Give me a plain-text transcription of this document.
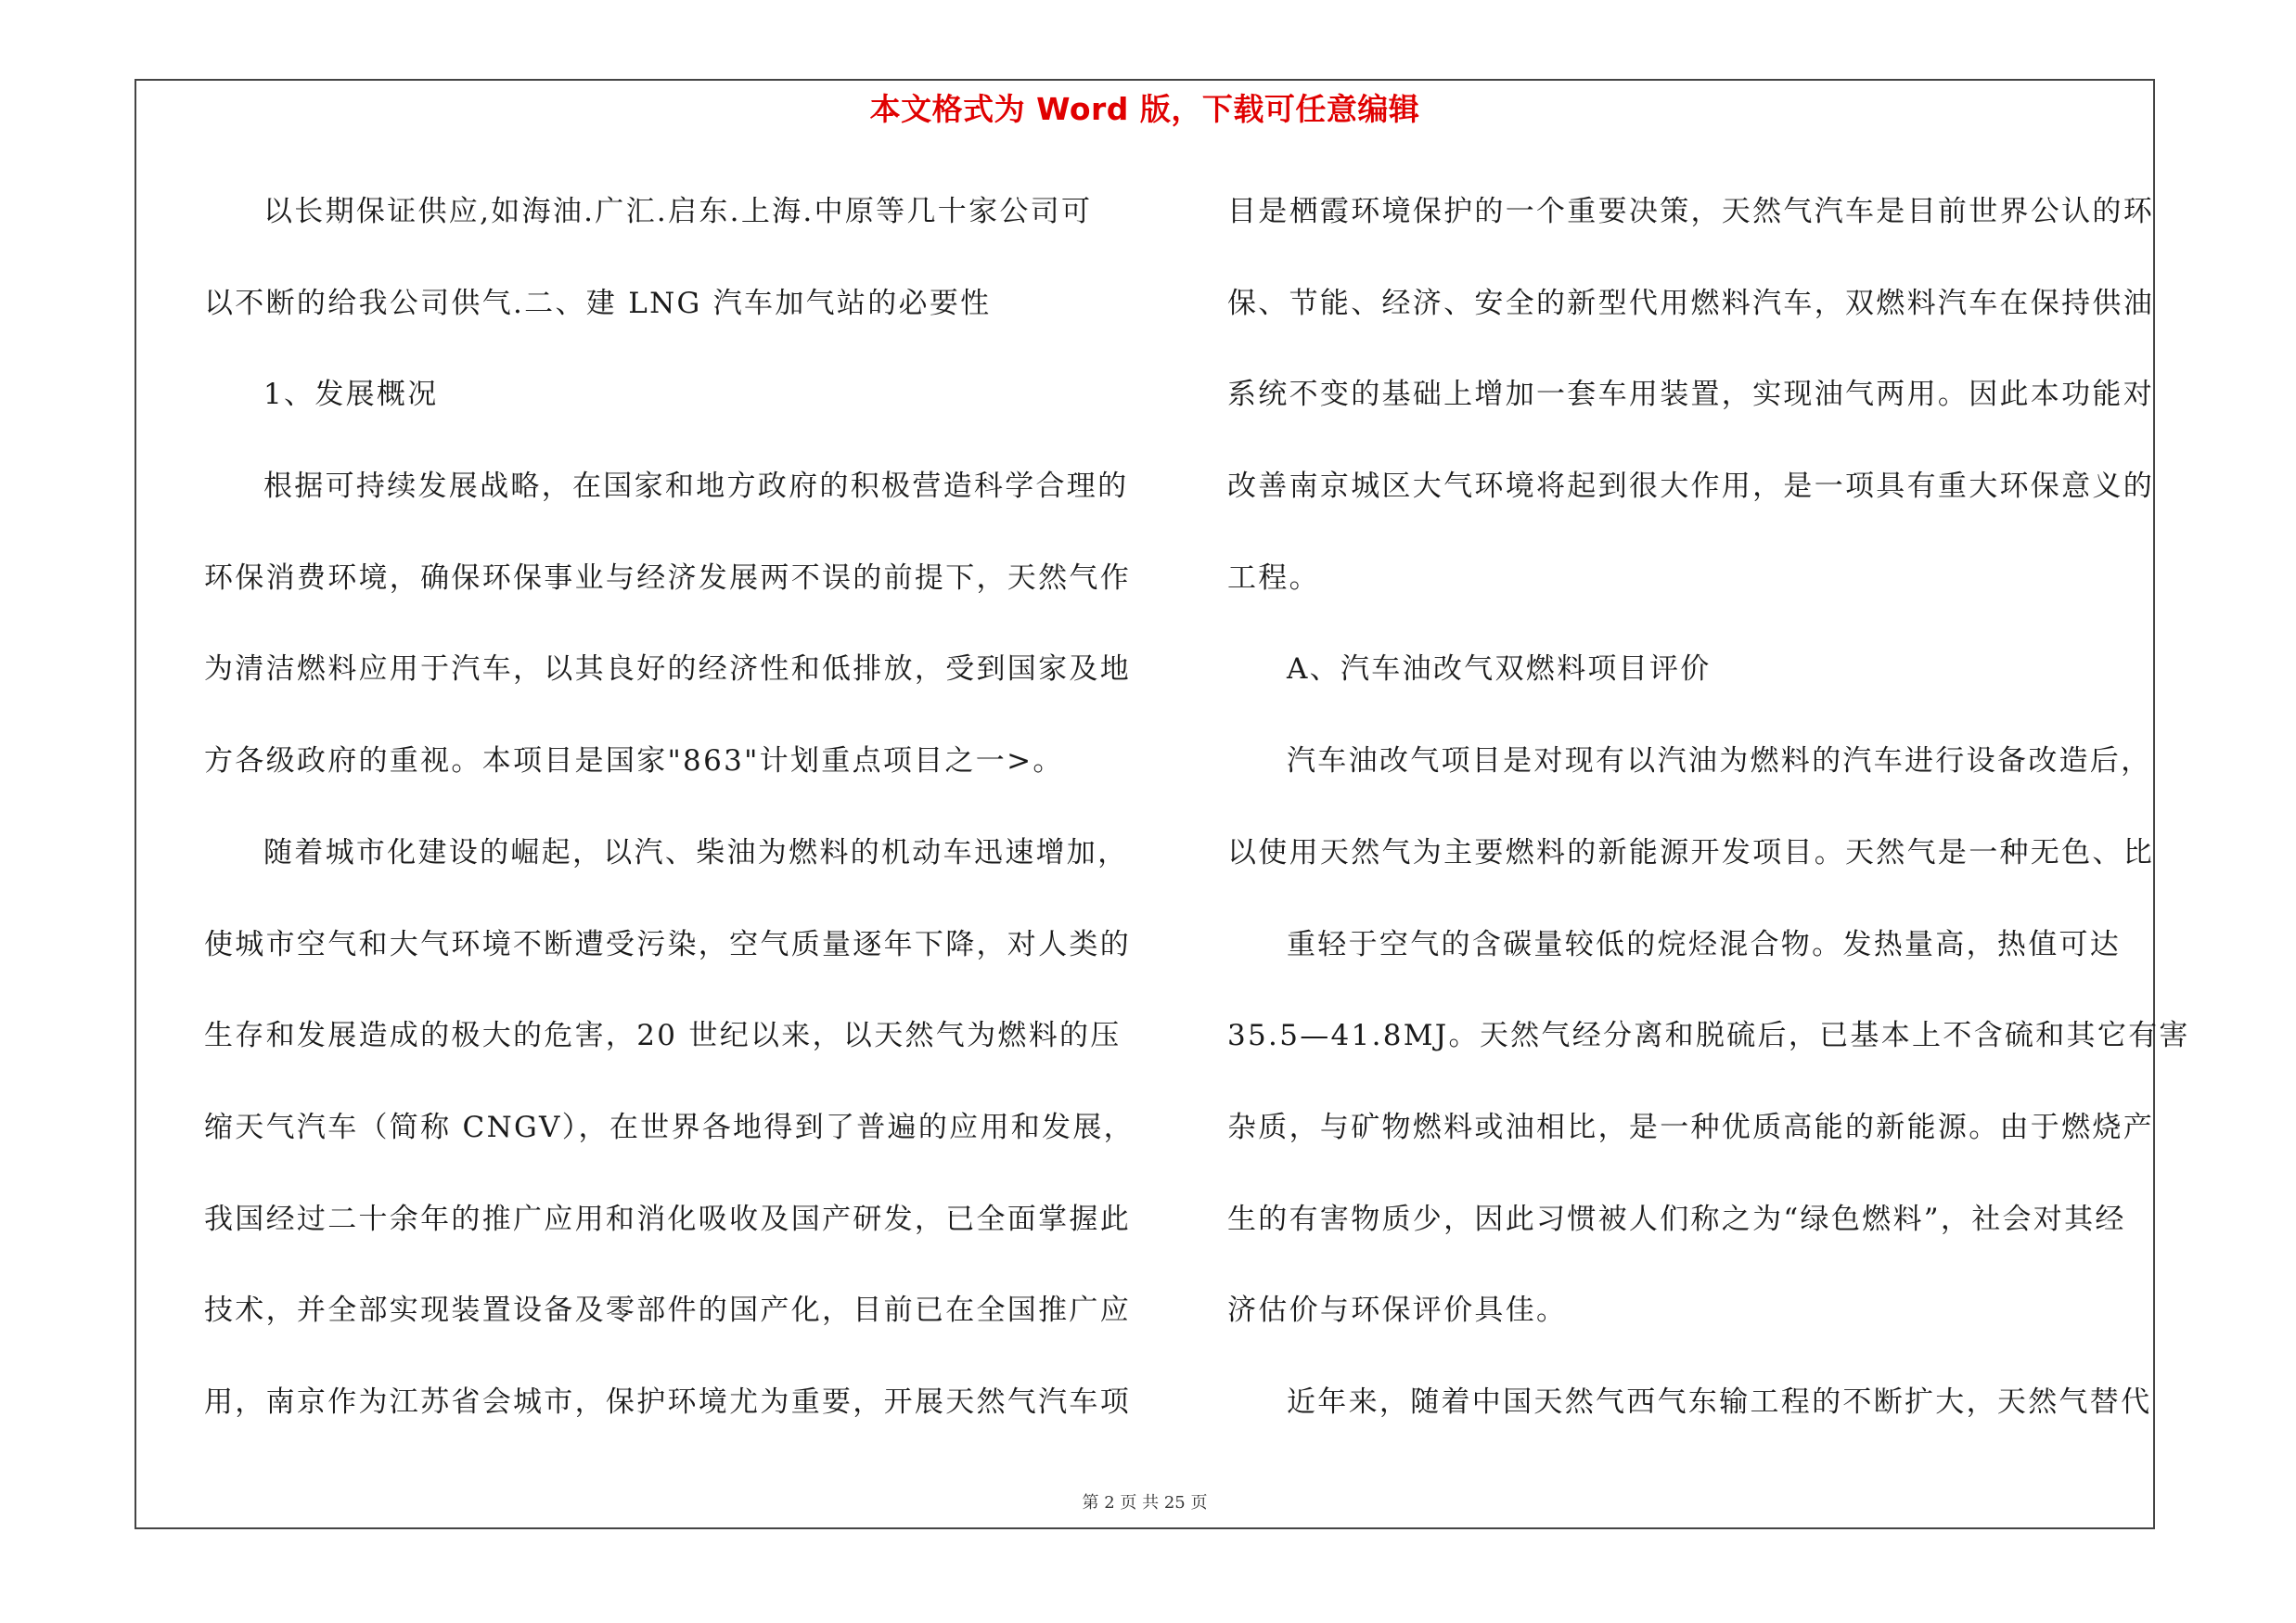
本文格式为 Word 版，下载可任意编辑
以长期保证供应,如海油.广汇.启东.上海.中原等几十家公司可
以不断的给我公司供气.二、建 LNG 汽车加气站的必要性
1、发展概况
根据可持续发展战略，在国家和地方政府的积极营造科学合理的
环保消费环境，确保环保事业与经济发展两不误的前提下，天然气作
为清洁燃料应用于汽车，以其良好的经济性和低排放，受到国家及地
方各级政府的重视。本项目是国家"863"计划重点项目之一>。
随着城市化建设的崛起，以汽、柴油为燃料的机动车迅速增加，
使城市空气和大气环境不断遭受污染，空气质量逐年下降，对人类的
生存和发展造成的极大的危害，20 世纪以来，以天然气为燃料的压
缩天气汽车（简称 CNGV），在世界各地得到了普遍的应用和发展，
我国经过二十余年的推广应用和消化吸收及国产研发，已全面掌握此
技术，并全部实现装置设备及零部件的国产化，目前已在全国推广应
用，南京作为江苏省会城市，保护环境尤为重要，开展天然气汽车项
目是栖霞环境保护的一个重要决策，天然气汽车是目前世界公认的环
保、节能、经济、安全的新型代用燃料汽车，双燃料汽车在保持供油
系统不变的基础上增加一套车用装置，实现油气两用。因此本功能对
改善南京城区大气环境将起到很大作用，是一项具有重大环保意义的
工程。
A、汽车油改气双燃料项目评价
汽车油改气项目是对现有以汽油为燃料的汽车进行设备改造后，
以使用天然气为主要燃料的新能源开发项目。天然气是一种无色、比
重轻于空气的含碳量较低的烷烃混合物。发热量高，热值可达
35.5—41.8MJ。天然气经分离和脱硫后，已基本上不含硫和其它有害
杂质，与矿物燃料或油相比，是一种优质高能的新能源。由于燃烧产
生的有害物质少，因此习惯被人们称之为“绿色燃料”，社会对其经
济估价与环保评价具佳。
近年来，随着中国天然气西气东输工程的不断扩大，天然气替代
第 2 页 共 25 页
